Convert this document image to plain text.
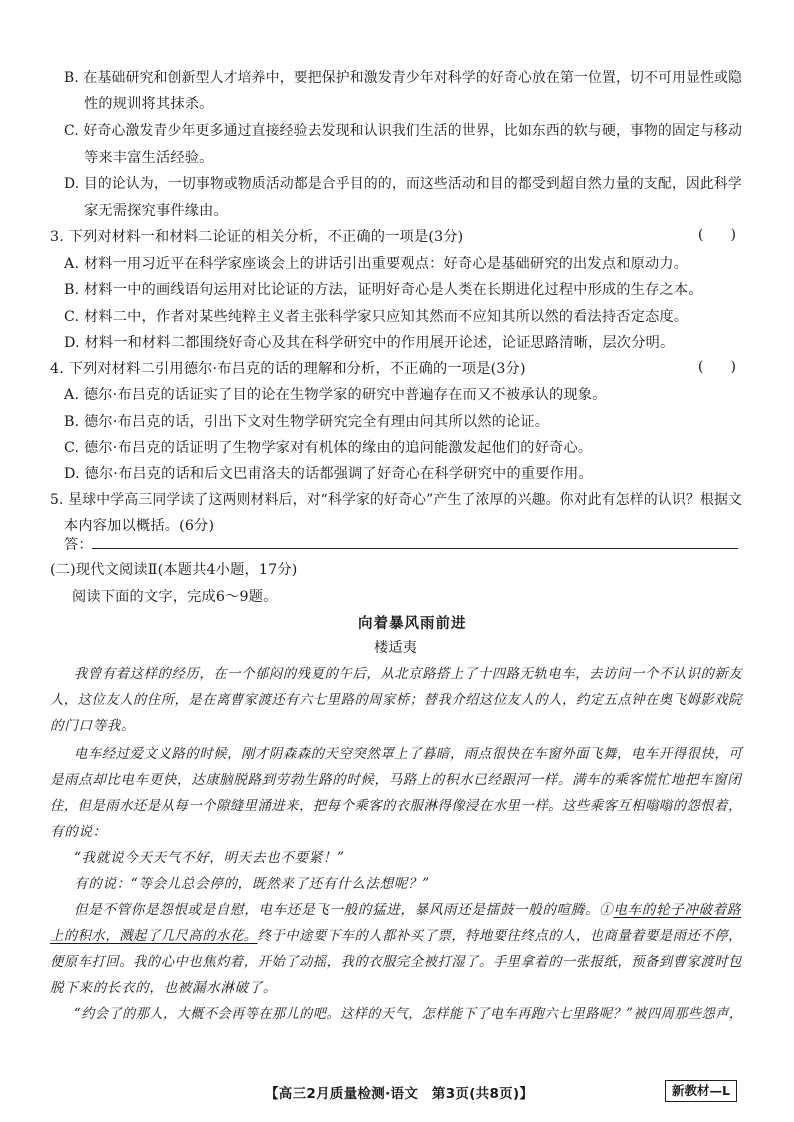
B. 在基础研究和创新型人才培养中，要把保护和激发青少年对科学的好奇心放在第一位置，切不可用显性或隐
性的规训将其抹杀。
C. 好奇心激发青少年更多通过直接经验去发现和认识我们生活的世界，比如东西的软与硬，事物的固定与移动
等来丰富生活经验。
D. 目的论认为，一切事物或物质活动都是合乎目的的，而这些活动和目的都受到超自然力量的支配，因此科学
家无需探究事件缘由。
3. 下列对材料一和材料二论证的相关分析，不正确的一项是(3分)	(      )
A. 材料一用习近平在科学家座谈会上的讲话引出重要观点：好奇心是基础研究的出发点和原动力。
B. 材料一中的画线语句运用对比论证的方法，证明好奇心是人类在长期进化过程中形成的生存之本。
C. 材料二中，作者对某些纯粹主义者主张科学家只应知其然而不应知其所以然的看法持否定态度。
D. 材料一和材料二都围绕好奇心及其在科学研究中的作用展开论述，论证思路清晰，层次分明。
4. 下列对材料二引用德尔·布吕克的话的理解和分析，不正确的一项是(3分)	(      )
A. 德尔·布吕克的话证实了目的论在生物学家的研究中普遍存在而又不被承认的现象。
B. 德尔·布吕克的话，引出下文对生物学研究完全有理由问其所以然的论证。
C. 德尔·布吕克的话证明了生物学家对有机体的缘由的追问能激发起他们的好奇心。
D. 德尔·布吕克的话和后文巴甫洛夫的话都强调了好奇心在科学研究中的重要作用。
5. 星球中学高三同学读了这两则材料后，对“科学家的好奇心”产生了浓厚的兴趣。你对此有怎样的认识？根据文
本内容加以概括。(6分)
答：
(二)现代文阅读Ⅱ(本题共4小题，17分)
阅读下面的文字，完成6～9题。
向着暴风雨前进
楼适夷
我曾有着这样的经历，在一个郁闷的残夏的午后，从北京路搭上了十四路无轨电车，去访问一个不认识的新友
人，这位友人的住所，是在离曹家渡还有六七里路的周家桥；替我介绍这位友人的人，约定五点钟在奥飞姆影戏院
的门口等我。
电车经过爱文义路的时候，刚才阴森森的天空突然罩上了暮暗，雨点很快在车窗外面飞舞，电车开得很快，可
是雨点却比电车更快，达康脑脱路到劳勃生路的时候，马路上的积水已经跟河一样。满车的乘客慌忙地把车窗闭
住，但是雨水还是从每一个隙缝里涌进来，把每个乘客的衣服淋得像浸在水里一样。这些乘客互相嗡嗡的怨恨着，
有的说：
“我就说今天天气不好，明天去也不要紧！”
有的说：“等会儿总会停的，既然来了还有什么法想呢？”
但是不管你是怨恨或是自慰，电车还是飞一般的猛进，暴风雨还是擂鼓一般的喧腾。①电车的轮子冲破着路
上的积水，溅起了几尺高的水花。终于中途要下车的人都补买了票，特地要往终点的人，也商量着要是雨还不停，
便原车打回。我的心中也焦灼着，开始了动摇，我的衣服完全被打湿了。手里拿着的一张报纸，预备到曹家渡时包
脱下来的长衣的，也被漏水淋破了。
“约会了的那人，大概不会再等在那儿的吧。这样的天气，怎样能下了电车再跑六七里路呢？”被四周那些怨声，
【高三2月质量检测·语文　第3页(共8页)】	新教材—L
